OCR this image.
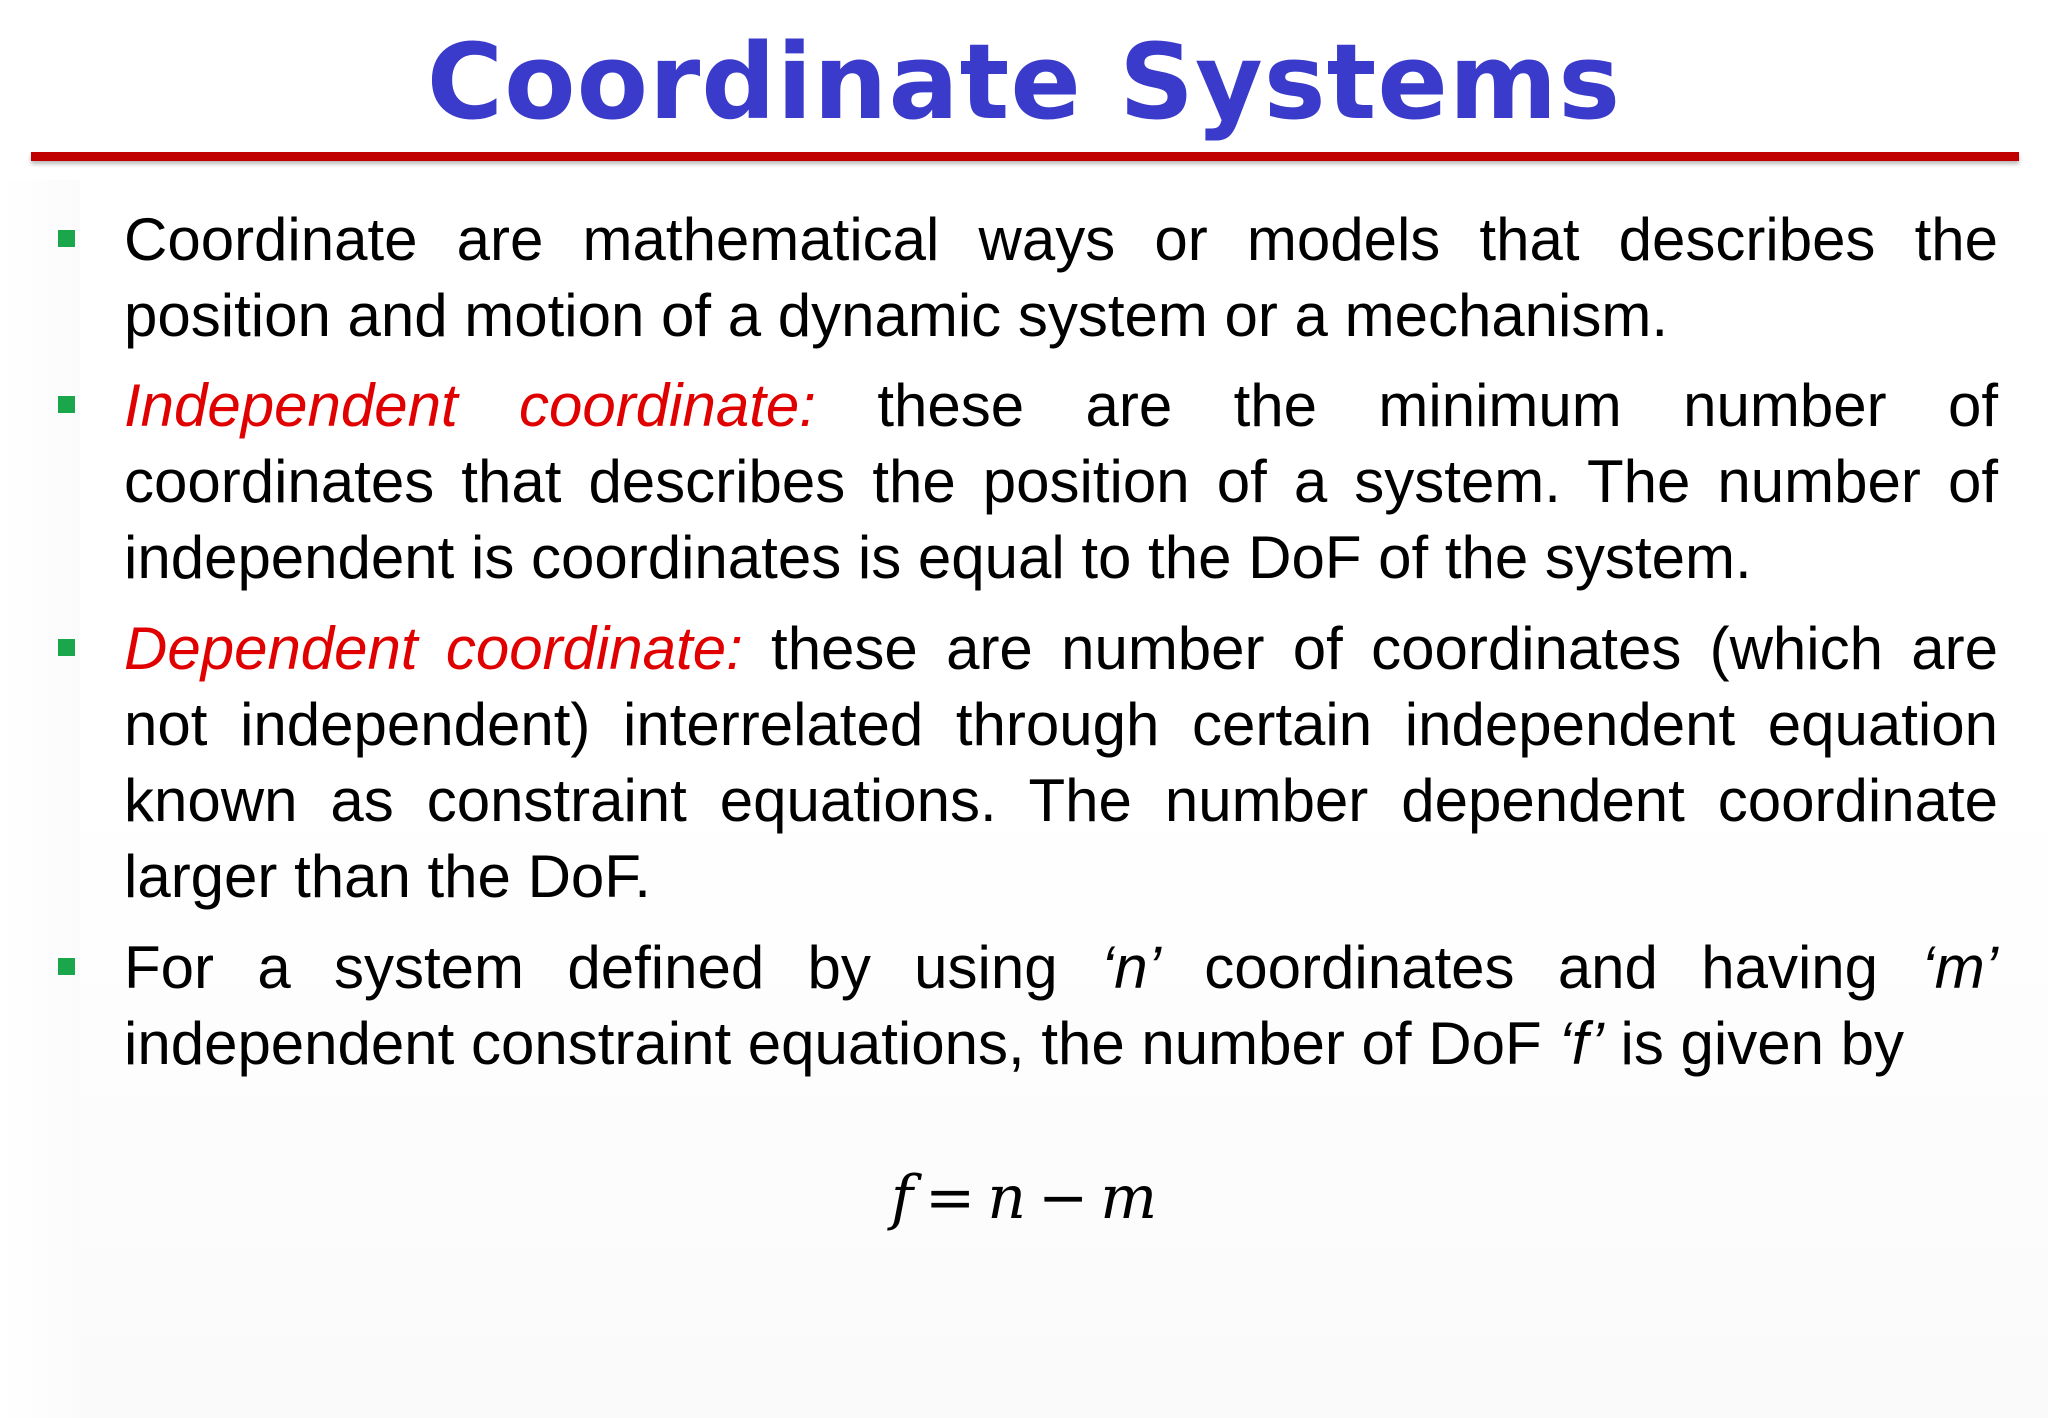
Coordinate Systems
Coordinate are mathematical ways or models that describes the position and motion of a dynamic system or a mechanism.
Independent coordinate: these are the minimum number of coordinates that describes the position of a system. The number of independent is coordinates is equal to the DoF of the system.
Dependent coordinate: these are number of coordinates (which are not independent) interrelated through certain independent equation known as constraint equations. The number dependent coordinate larger than the DoF.
For a system defined by using ‘n’ coordinates and having ‘m’ independent constraint equations, the number of DoF ‘f’ is given by
f = n − m
